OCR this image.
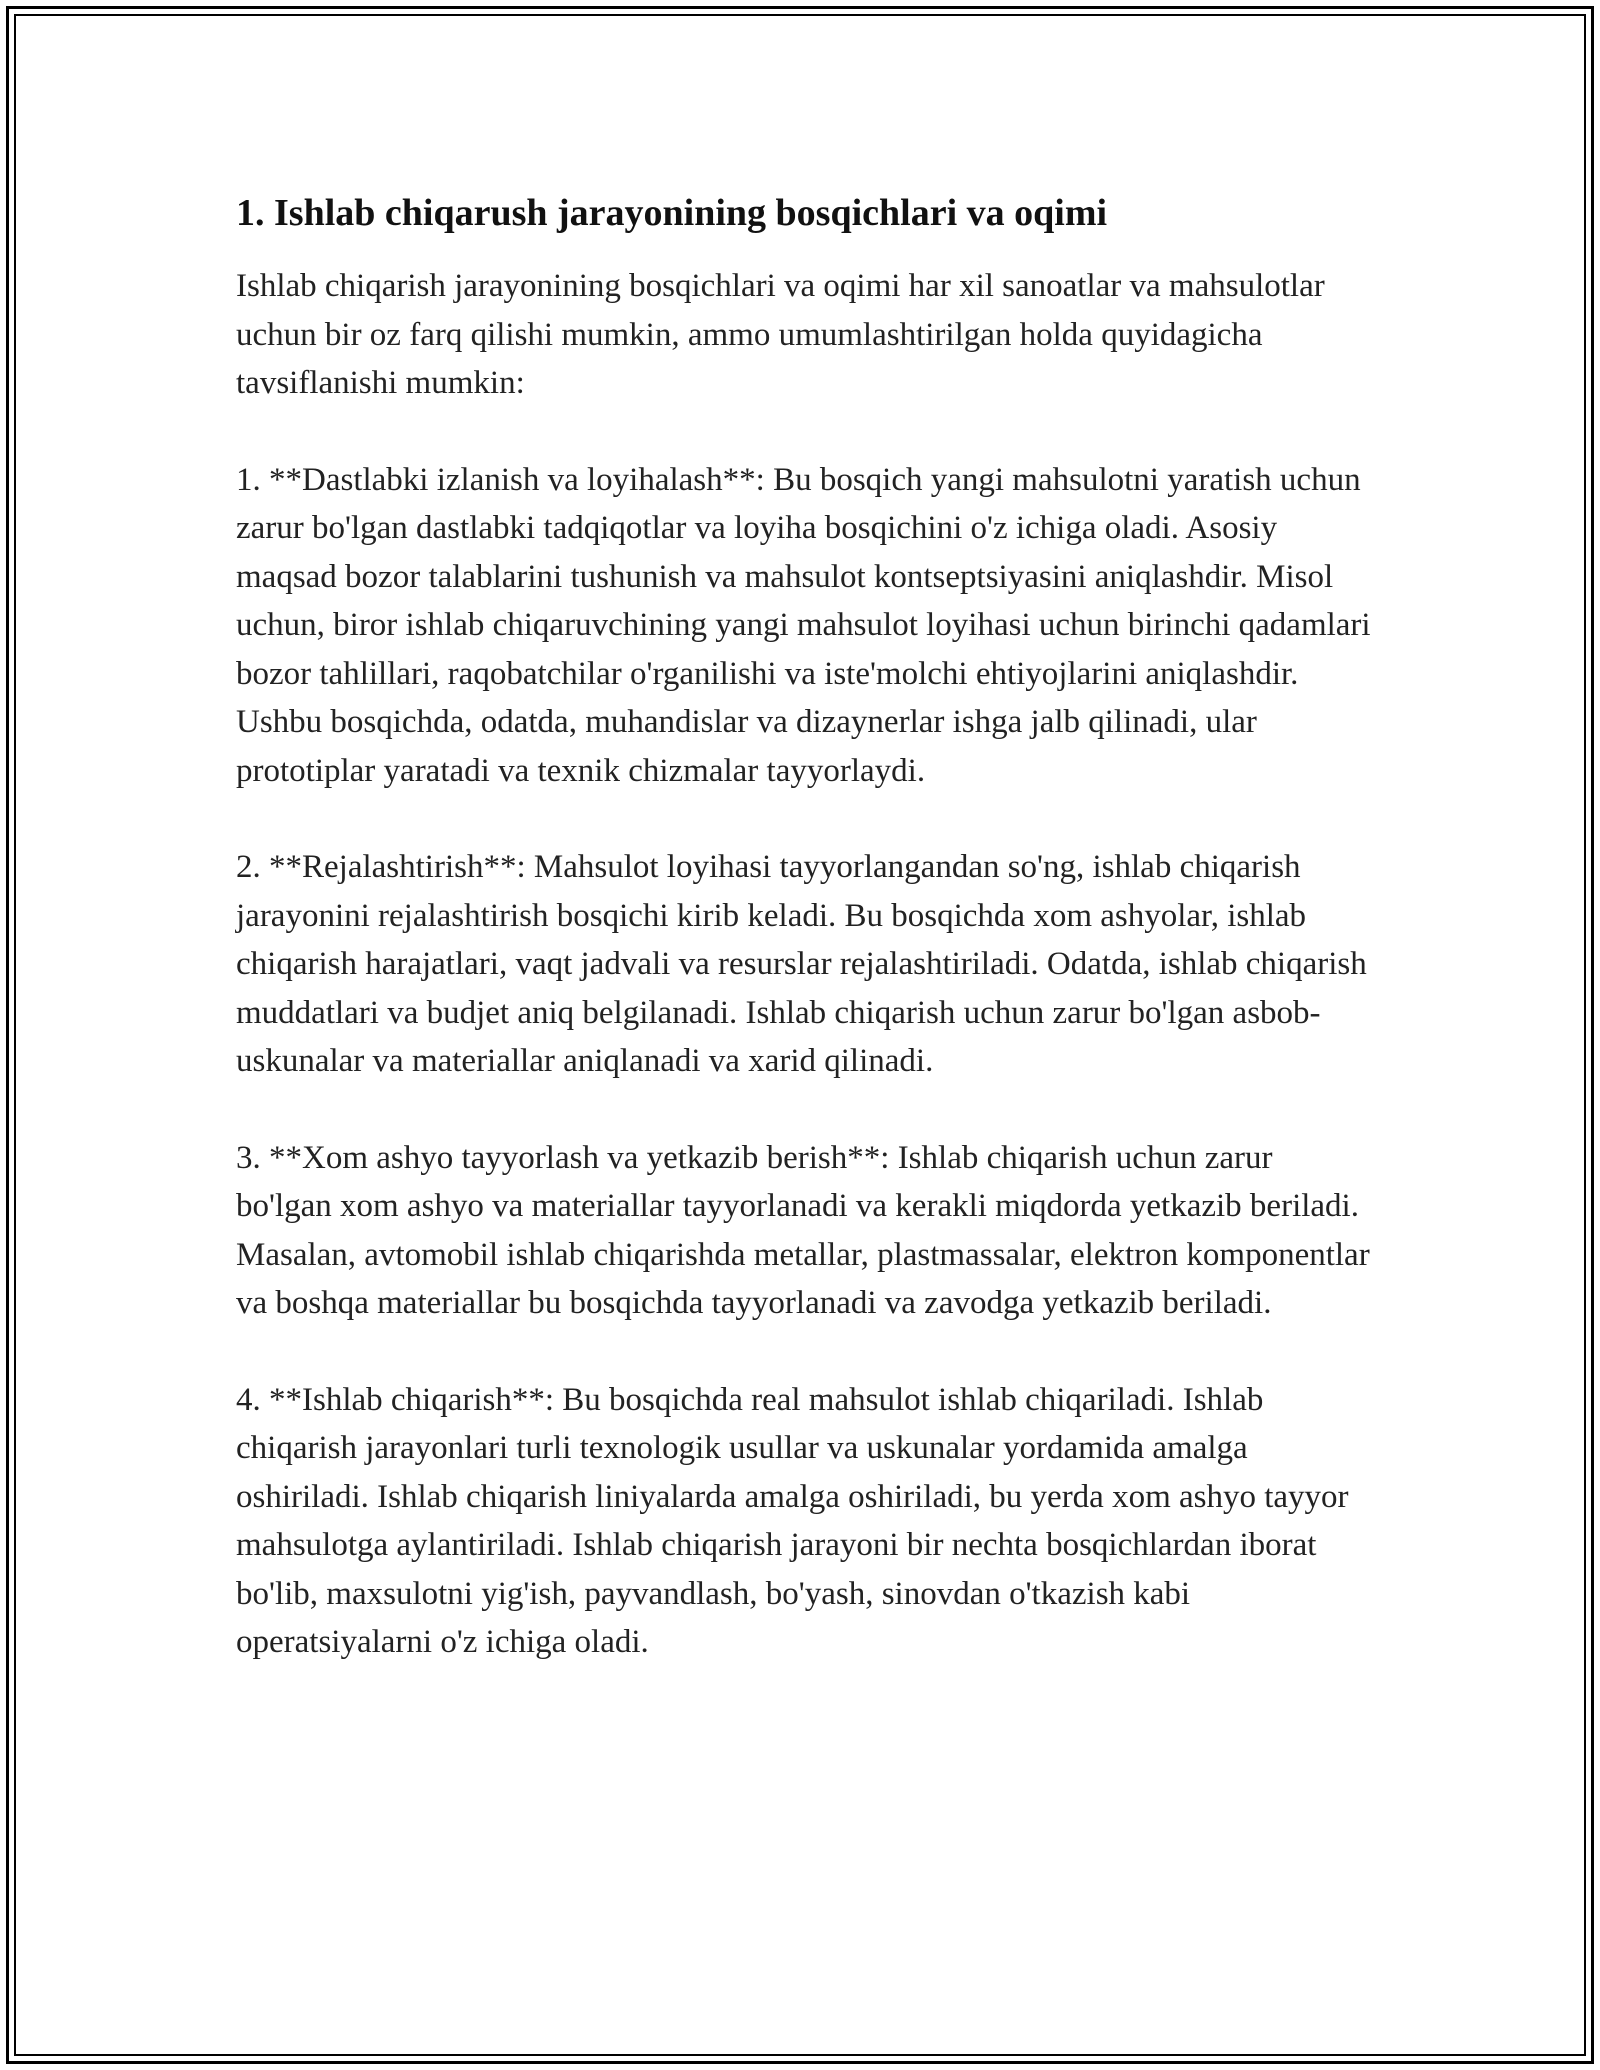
1. Ishlab chiqarush jarayonining bosqichlari va oqimi

Ishlab chiqarish jarayonining bosqichlari va oqimi har xil sanoatlar va mahsulotlar uchun bir oz farq qilishi mumkin, ammo umumlashtirilgan holda quyidagicha tavsiflanishi mumkin:

1. **Dastlabki izlanish va loyihalash**: Bu bosqich yangi mahsulotni yaratish uchun zarur bo'lgan dastlabki tadqiqotlar va loyiha bosqichini o'z ichiga oladi. Asosiy maqsad bozor talablarini tushunish va mahsulot kontseptsiyasini aniqlashdir. Misol uchun, biror ishlab chiqaruvchining yangi mahsulot loyihasi uchun birinchi qadamlari bozor tahlillari, raqobatchilar o'rganilishi va iste'molchi ehtiyojlarini aniqlashdir. Ushbu bosqichda, odatda, muhandislar va dizaynerlar ishga jalb qilinadi, ular prototiplar yaratadi va texnik chizmalar tayyorlaydi.

2. **Rejalashtirish**: Mahsulot loyihasi tayyorlangandan so'ng, ishlab chiqarish jarayonini rejalashtirish bosqichi kirib keladi. Bu bosqichda xom ashyolar, ishlab chiqarish harajatlari, vaqt jadvali va resurslar rejalashtiriladi. Odatda, ishlab chiqarish muddatlari va budjet aniq belgilanadi. Ishlab chiqarish uchun zarur bo'lgan asbob-uskunalar va materiallar aniqlanadi va xarid qilinadi.

3. **Xom ashyo tayyorlash va yetkazib berish**: Ishlab chiqarish uchun zarur bo'lgan xom ashyo va materiallar tayyorlanadi va kerakli miqdorda yetkazib beriladi. Masalan, avtomobil ishlab chiqarishda metallar, plastmassalar, elektron komponentlar va boshqa materiallar bu bosqichda tayyorlanadi va zavodga yetkazib beriladi.

4. **Ishlab chiqarish**: Bu bosqichda real mahsulot ishlab chiqariladi. Ishlab chiqarish jarayonlari turli texnologik usullar va uskunalar yordamida amalga oshiriladi. Ishlab chiqarish liniyalarda amalga oshiriladi, bu yerda xom ashyo tayyor mahsulotga aylantiriladi. Ishlab chiqarish jarayoni bir nechta bosqichlardan iborat bo'lib, maxsulotni yig'ish, payvandlash, bo'yash, sinovdan o'tkazish kabi operatsiyalarni o'z ichiga oladi.
